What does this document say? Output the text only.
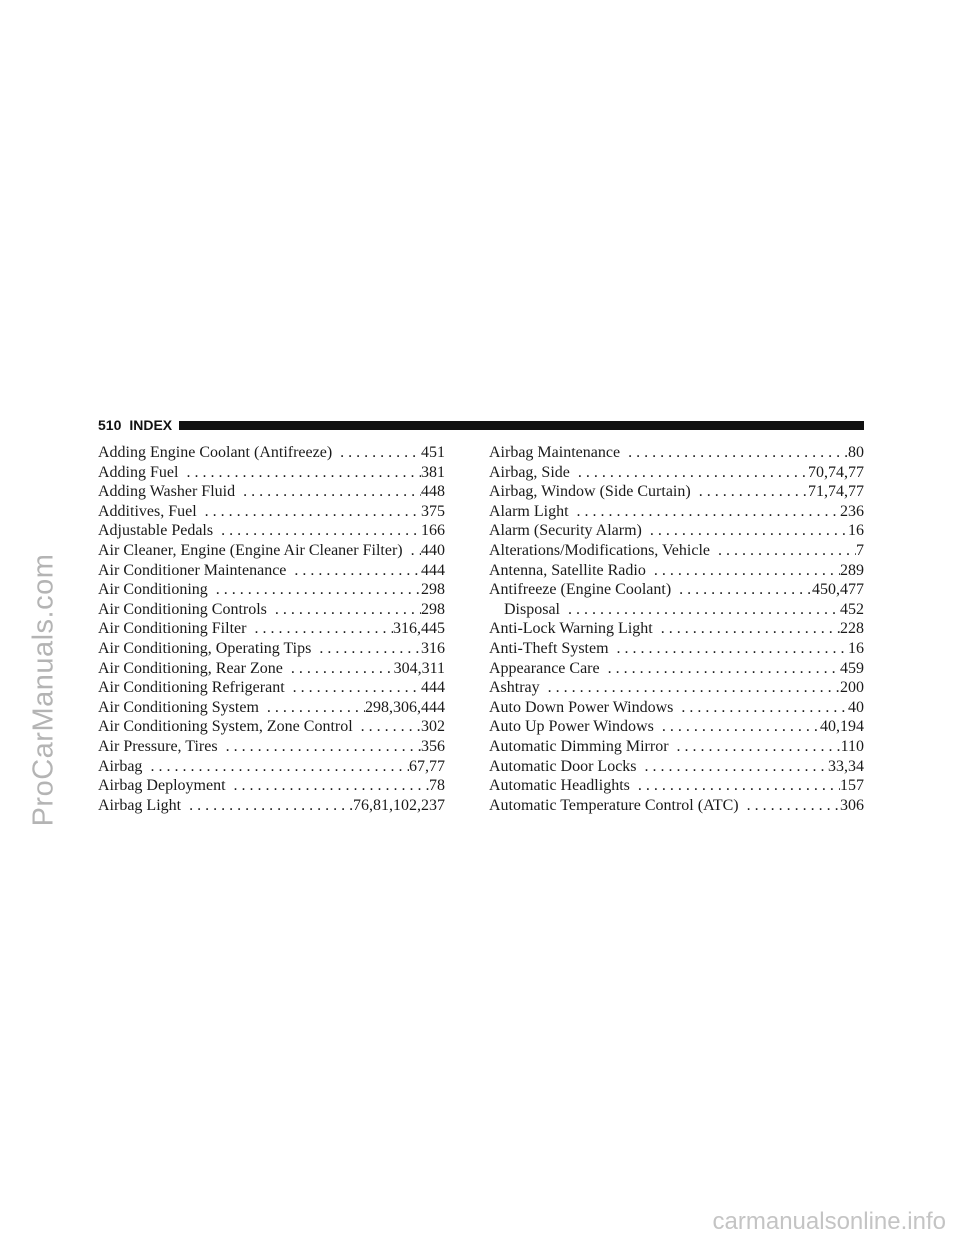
ProCarManuals.com
carmanualsonline.info
510 INDEX
Adding Engine Coolant (Antifreeze) . . .	451
Adding Fuel . . .	381
Adding Washer Fluid . . .	448
Additives, Fuel . . .	375
Adjustable Pedals . . .	166
Air Cleaner, Engine (Engine Air Cleaner Filter) . . . 440
Air Conditioner Maintenance . . .	444
Air Conditioning . . .	298
Air Conditioning Controls . . .	298
Air Conditioning Filter . . .	316,445
Air Conditioning, Operating Tips . . .	316
Air Conditioning, Rear Zone . . .	304,311
Air Conditioning Refrigerant . . .	444
Air Conditioning System . . .	298,306,444
Air Conditioning System, Zone Control . . .	302
Air Pressure, Tires . . .	356
Airbag . . .	67,77
Airbag Deployment . . .	78
Airbag Light . . .	76,81,102,237
Airbag Maintenance . . .	80
Airbag, Side . . .	70,74,77
Airbag, Window (Side Curtain) . . .	71,74,77
Alarm Light . . .	236
Alarm (Security Alarm) . . .	16
Alterations/Modifications, Vehicle . . .	7
Antenna, Satellite Radio . . .	289
Antifreeze (Engine Coolant) . . .	450,477
Disposal . . .	452
Anti-Lock Warning Light . . .	228
Anti-Theft System . . .	16
Appearance Care . . .	459
Ashtray . . .	200
Auto Down Power Windows . . .	40
Auto Up Power Windows . . .	40,194
Automatic Dimming Mirror . . .	110
Automatic Door Locks . . .	33,34
Automatic Headlights . . .	157
Automatic Temperature Control (ATC) . . .	306
